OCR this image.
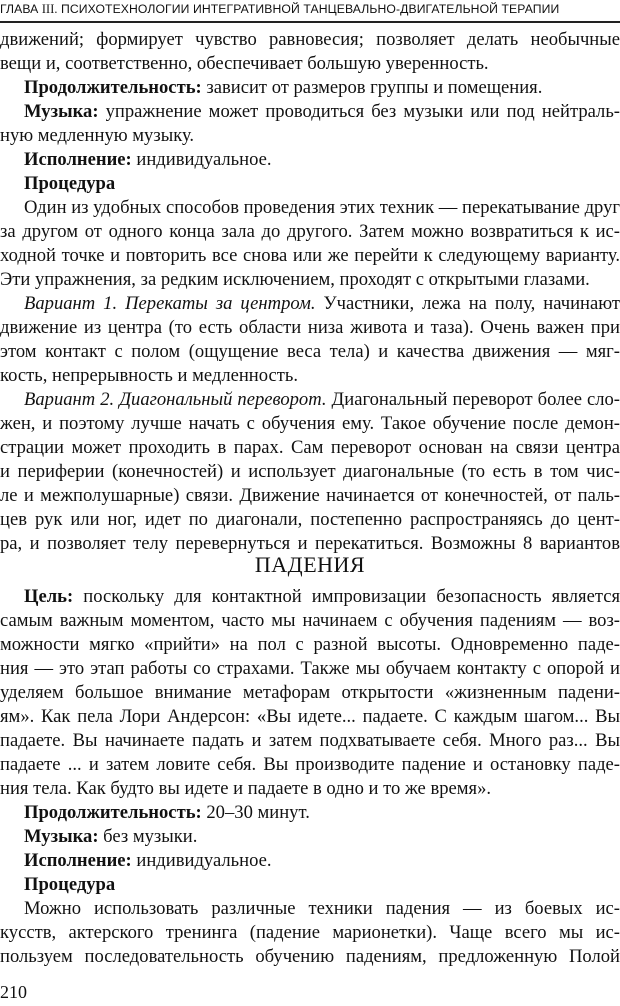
ГЛАВА III. ПСИХОТЕХНОЛОГИИ ИНТЕГРАТИВНОЙ ТАНЦЕВАЛЬНО-ДВИГАТЕЛЬНОЙ ТЕРАПИИ
движений; формирует чувство равновесия; позволяет делать необычные
вещи и, соответственно, обеспечивает большую уверенность.
Продолжительность: зависит от размеров группы и помещения.
Музыка: упражнение может проводиться без музыки или под нейтраль-
ную медленную музыку.
Исполнение: индивидуальное.
Процедура
Один из удобных способов проведения этих техник — перекатывание друг
за другом от одного конца зала до другого. Затем можно возвратиться к ис-
ходной точке и повторить все снова или же перейти к следующему варианту.
Эти упражнения, за редким исключением, проходят с открытыми глазами.
Вариант 1. Перекаты за центром. Участники, лежа на полу, начинают
движение из центра (то есть области низа живота и таза). Очень важен при
этом контакт с полом (ощущение веса тела) и качества движения — мяг-
кость, непрерывность и медленность.
Вариант 2. Диагональный переворот. Диагональный переворот более сло-
жен, и поэтому лучше начать с обучения ему. Такое обучение после демон-
страции может проходить в парах. Сам переворот основан на связи центра
и периферии (конечностей) и использует диагональные (то есть в том чис-
ле и межполушарные) связи. Движение начинается от конечностей, от паль-
цев рук или ног, идет по диагонали, постепенно распространяясь до цент-
ра, и позволяет телу перевернуться и перекатиться. Возможны 8 вариантов
ПАДЕНИЯ
Цель: поскольку для контактной импровизации безопасность является
самым важным моментом, часто мы начинаем с обучения падениям — воз-
можности мягко «прийти» на пол с разной высоты. Одновременно паде-
ния — это этап работы со страхами. Также мы обучаем контакту с опорой и
уделяем большое внимание метафорам открытости «жизненным падени-
ям». Как пела Лори Андерсон: «Вы идете... падаете. С каждым шагом... Вы
падаете. Вы начинаете падать и затем подхватываете себя. Много раз... Вы
падаете ... и затем ловите себя. Вы производите падение и остановку паде-
ния тела. Как будто вы идете и падаете в одно и то же время».
Продолжительность: 20–30 минут.
Музыка: без музыки.
Исполнение: индивидуальное.
Процедура
Можно использовать различные техники падения — из боевых ис-
кусств, актерского тренинга (падение марионетки). Чаще всего мы ис-
пользуем последовательность обучению падениям, предложенную Полой
210
